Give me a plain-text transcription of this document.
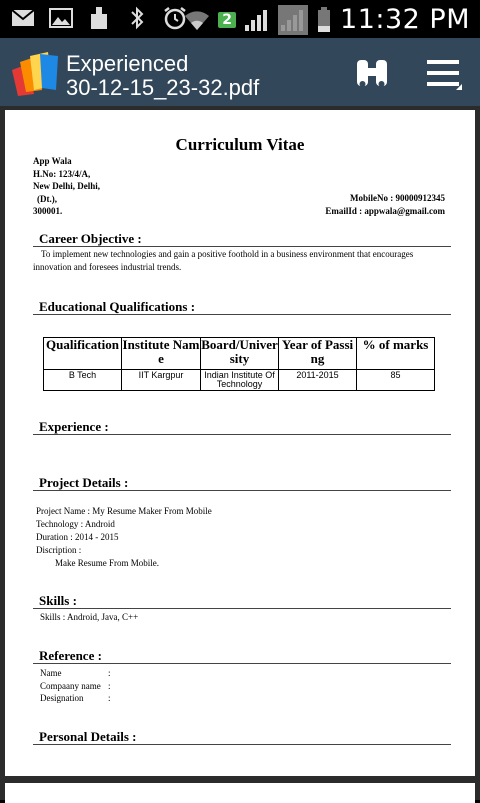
2	11:32 PM
Experienced
30-12-15_23-32.pdf
Curriculum Vitae
App Wala
H.No: 123/4/A,
New Delhi, Delhi,
(Dt.),
300001.
MobileNo : 90000912345
EmailId : appwala@gmail.com
Career Objective :
To implement new technologies and gain a positive foothold in a business environment that encourages
innovation and foresees industrial trends.
Educational Qualifications :
Qualification	Institute Name	Board/University	Year of Passing	% of marks
B Tech	IIT Kargpur	Indian Institute Of Technology	2011-2015	85
Experience :
Project Details :
Project Name : My Resume Maker From Mobile
Technology : Android
Duration : 2014 - 2015
Discription :
Make Resume From Mobile.
Skills :
Skills : Android, Java, C++
Reference :
Name	:
Compaany name :
Designation	:
Personal Details :
